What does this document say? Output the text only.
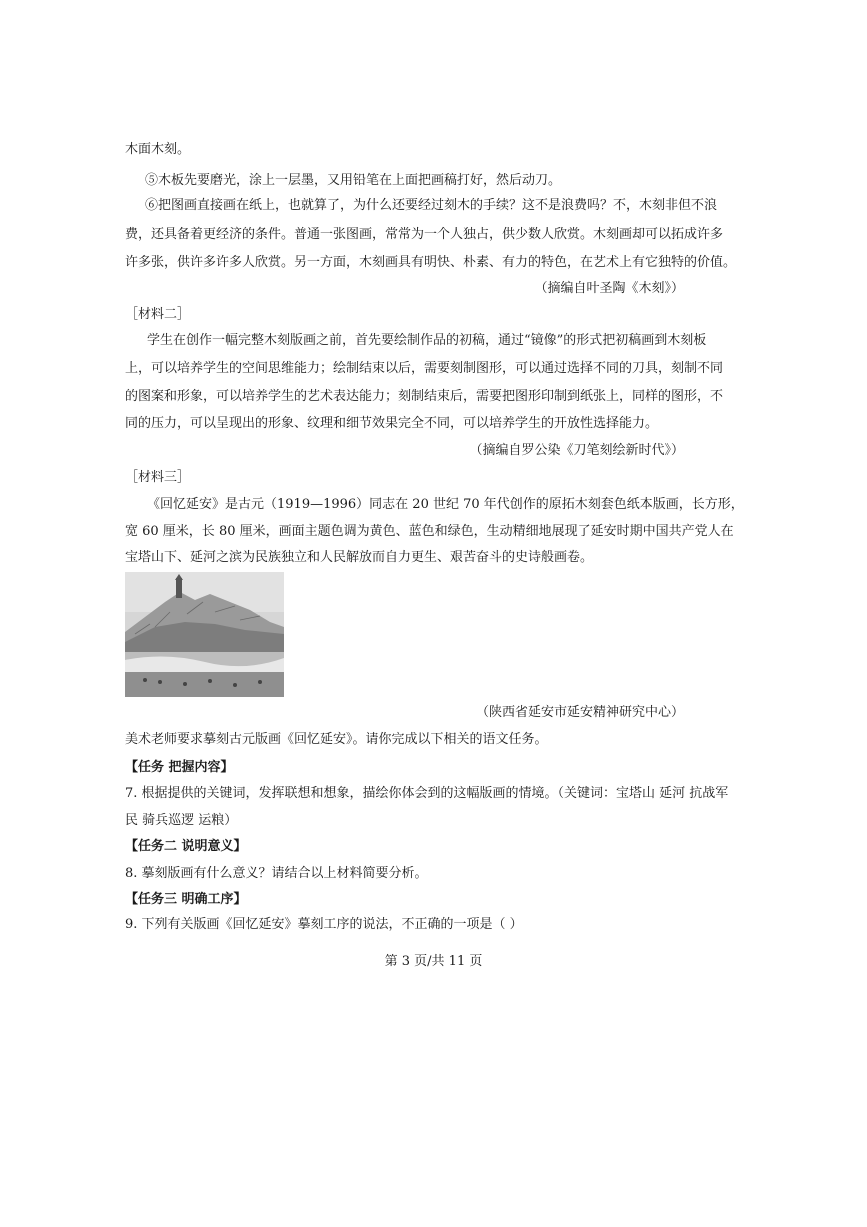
木面木刻。
⑤木板先要磨光，涂上一层墨，又用铅笔在上面把画稿打好，然后动刀。
⑥把图画直接画在纸上，也就算了，为什么还要经过刻木的手续？这不是浪费吗？不，木刻非但不浪
费，还具备着更经济的条件。普通一张图画，常常为一个人独占，供少数人欣赏。木刻画却可以拓成许多
许多张，供许多许多人欣赏。另一方面，木刻画具有明快、朴素、有力的特色，在艺术上有它独特的价值。
（摘编自叶圣陶《木刻》）
［材料二］
学生在创作一幅完整木刻版画之前，首先要绘制作品的初稿，通过“镜像”的形式把初稿画到木刻板
上，可以培养学生的空间思维能力；绘制结束以后，需要刻制图形，可以通过选择不同的刀具，刻制不同
的图案和形象，可以培养学生的艺术表达能力；刻制结束后，需要把图形印制到纸张上，同样的图形，不
同的压力，可以呈现出的形象、纹理和细节效果完全不同，可以培养学生的开放性选择能力。
（摘编自罗公染《刀笔刻绘新时代》）
［材料三］
《回忆延安》是古元（1919—1996）同志在 20 世纪 70 年代创作的原拓木刻套色纸本版画，长方形，
宽 60 厘米，长 80 厘米，画面主题色调为黄色、蓝色和绿色，生动精细地展现了延安时期中国共产党人在
宝塔山下、延河之滨为民族独立和人民解放而自力更生、艰苦奋斗的史诗般画卷。
（陕西省延安市延安精神研究中心）
美术老师要求摹刻古元版画《回忆延安》。请你完成以下相关的语文任务。
【任务 把握内容】
7. 根据提供的关键词，发挥联想和想象，描绘你体会到的这幅版画的情境。（关键词：宝塔山 延河 抗战军
民 骑兵巡逻 运粮）
【任务二 说明意义】
8. 摹刻版画有什么意义？请结合以上材料简要分析。
【任务三 明确工序】
9. 下列有关版画《回忆延安》摹刻工序的说法，不正确的一项是（ ）
第 3 页/共 11 页
